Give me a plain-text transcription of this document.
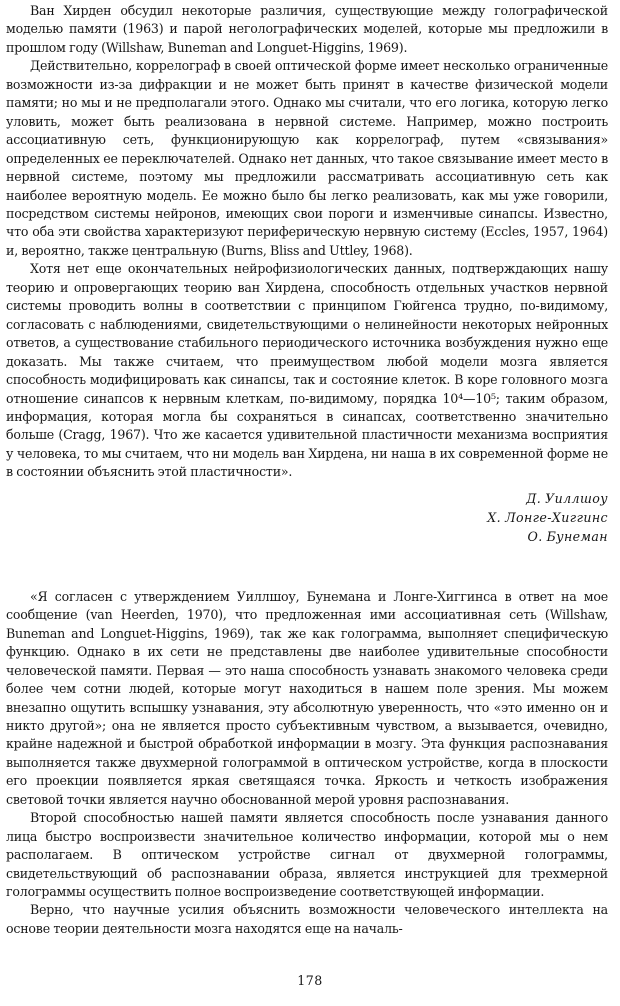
Ван Хирден обсудил некоторые различия, существующие между голографической моделью памяти (1963) и парой неголографических моделей, которые мы предложили в прошлом году (Willshaw, Buneman and Longuet-Higgins, 1969).

Действительно, коррелограф в своей оптической форме имеет несколько ограниченные возможности из-за дифракции и не может быть принят в качестве физической модели памяти; но мы и не предполагали этого. Однако мы считали, что его логика, которую легко уловить, может быть реализована в нервной системе. Например, можно построить ассоциативную сеть, функционирующую как коррелограф, путем «связывания» определенных ее переключателей. Однако нет данных, что такое связывание имеет место в нервной системе, поэтому мы предложили рассматривать ассоциативную сеть как наиболее вероятную модель. Ее можно было бы легко реализовать, как мы уже говорили, посредством системы нейронов, имеющих свои пороги и изменчивые синапсы. Известно, что оба эти свойства характеризуют периферическую нервную систему (Eccles, 1957, 1964) и, вероятно, также центральную (Burns, Bliss and Uttley, 1968).

Хотя нет еще окончательных нейрофизиологических данных, подтверждающих нашу теорию и опровергающих теорию ван Хирдена, способность отдельных участков нервной системы проводить волны в соответствии с принципом Гюйгенса трудно, по-видимому, согласовать с наблюдениями, свидетельствующими о нелинейности некоторых нейронных ответов, а существование стабильного периодического источника возбуждения нужно еще доказать. Мы также считаем, что преимуществом любой модели мозга является способность модифицировать как синапсы, так и состояние клеток. В коре головного мозга отношение синапсов к нервным клеткам, по-видимому, порядка 10⁴—10⁵; таким образом, информация, которая могла бы сохраняться в синапсах, соответственно значительно больше (Cragg, 1967). Что же касается удивительной пластичности механизма восприятия у человека, то мы считаем, что ни модель ван Хирдена, ни наша в их современной форме не в состоянии объяснить этой пластичности».

Д. Уиллшоу
Х. Лонге-Хиггинс
О. Бунеман

«Я согласен с утверждением Уиллшоу, Бунемана и Лонге-Хиггинса в ответ на мое сообщение (van Heerden, 1970), что предложенная ими ассоциативная сеть (Willshaw, Buneman and Longuet-Higgins, 1969), так же как голограмма, выполняет специфическую функцию. Однако в их сети не представлены две наиболее удивительные способности человеческой памяти. Первая — это наша способность узнавать знакомого человека среди более чем сотни людей, которые могут находиться в нашем поле зрения. Мы можем внезапно ощутить вспышку узнавания, эту абсолютную уверенность, что «это именно он и никто другой»; она не является просто субъективным чувством, а вызывается, очевидно, крайне надежной и быстрой обработкой информации в мозгу. Эта функция распознавания выполняется также двухмерной голограммой в оптическом устройстве, когда в плоскости его проекции появляется яркая светящаяся точка. Яркость и четкость изображения световой точки является научно обоснованной мерой уровня распознавания.

Второй способностью нашей памяти является способность после узнавания данного лица быстро воспроизвести значительное количество информации, которой мы о нем располагаем. В оптическом устройстве сигнал от двухмерной голограммы, свидетельствующий об распознавании образа, является инструкцией для трехмерной голограммы осуществить полное воспроизведение соответствующей информации.

Верно, что научные усилия объяснить возможности человеческого интеллекта на основе теории деятельности мозга находятся еще на началь-

178
